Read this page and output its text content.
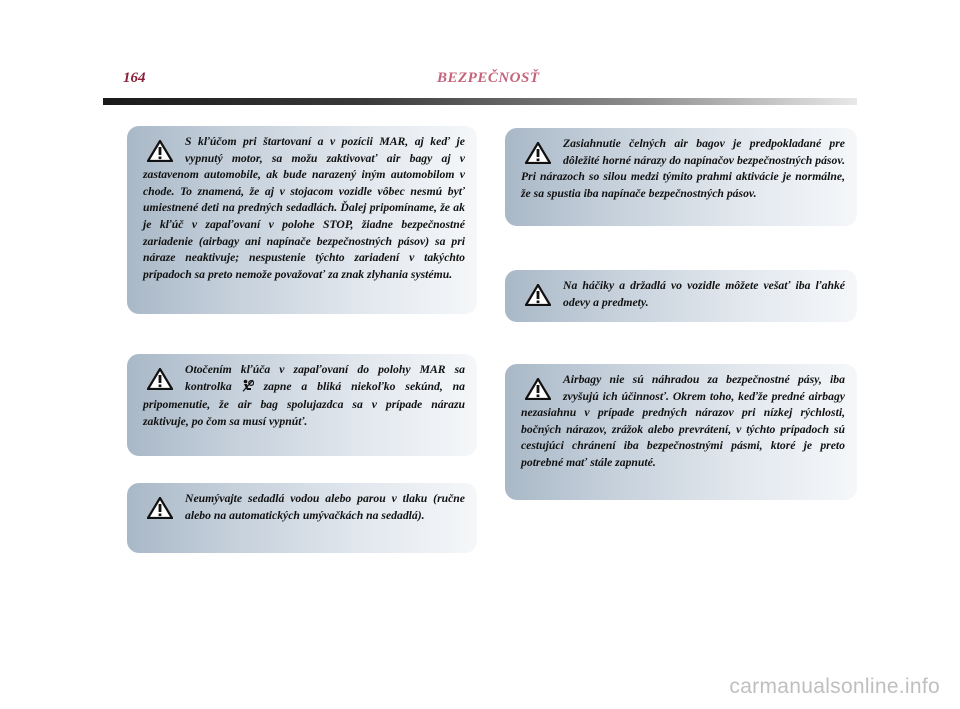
164	BEZPEČNOSŤ
S kľúčom pri štartovaní a v pozícii MAR, aj keď je vypnutý motor, sa možu zaktivovať air bagy aj v zastavenom automobile, ak bude narazený iným automobilom v chode. To znamená, že aj v stojacom vozidle vôbec nesmú byť umiestnené deti na predných sedadlách. Ďalej pripomíname, že ak je kľúč v zapaľovaní v polohe STOP, žiadne bezpečnostné zariadenie (airbagy ani napínače bezpečnostných pásov) sa pri náraze neaktivuje; nespustenie týchto zariadení v takýchto prípadoch sa preto nemože považovať za znak zlyhania systému.
Otočením kľúča v zapaľovaní do polohy MAR sa kontrolka  zapne a bliká niekoľko sekúnd, na pripomenutie, že air bag spolujazdca sa v prípade nárazu zaktivuje, po čom sa musí vypnúť.
Neumývajte sedadlá vodou alebo parou v tlaku (ručne alebo na automatických umývačkách na sedadlá).
Zasiahnutie čelných air bagov je predpokladané pre dôležité horné nárazy do napínačov bezpečnostných pásov. Pri nárazoch so silou medzi týmito prahmi aktivácie je normálne, že sa spustia iba napínače bezpečnostných pásov.
Na háčiky a držadlá vo vozidle môžete vešať iba ľahké odevy a predmety.
Airbagy nie sú náhradou za bezpečnostné pásy, iba zvyšujú ich účinnosť. Okrem toho, keďže predné airbagy nezasiahnu v prípade predných nárazov pri nízkej rýchlosti, bočných nárazov, zrážok alebo prevrátení, v týchto prípadoch sú cestujúci chránení iba bezpečnostnými pásmi, ktoré je preto potrebné mať stále zapnuté.
carmanualsonline.info
